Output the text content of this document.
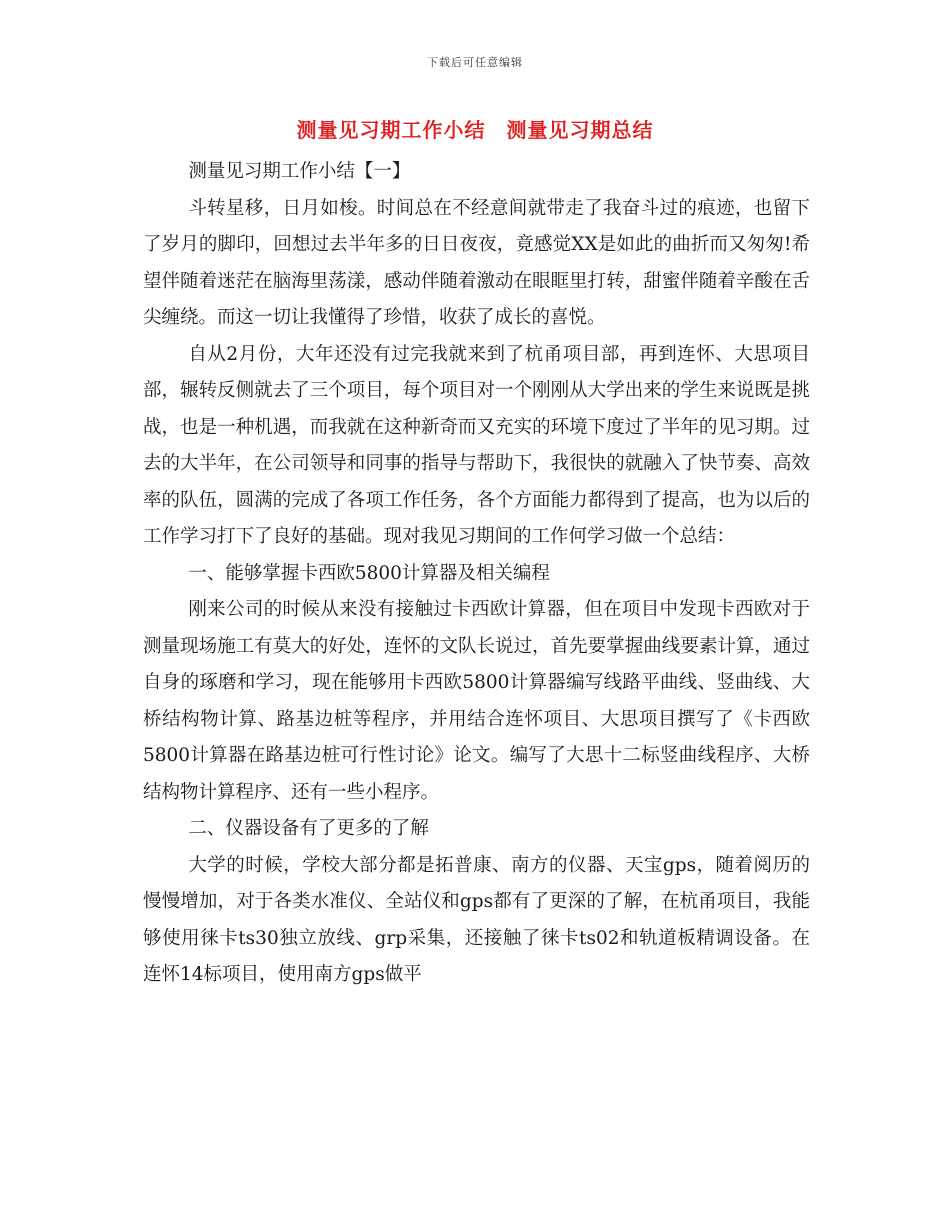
下载后可任意编辑
测量见习期工作小结　测量见习期总结

测量见习期工作小结【一】

斗转星移，日月如梭。时间总在不经意间就带走了我奋斗过的痕迹，也留下了岁月的脚印，回想过去半年多的日日夜夜，竟感觉XX是如此的曲折而又匆匆!希望伴随着迷茫在脑海里荡漾，感动伴随着激动在眼眶里打转，甜蜜伴随着辛酸在舌尖缠绕。而这一切让我懂得了珍惜，收获了成长的喜悦。

自从2月份，大年还没有过完我就来到了杭甬项目部，再到连怀、大思项目部，辗转反侧就去了三个项目，每个项目对一个刚刚从大学出来的学生来说既是挑战，也是一种机遇，而我就在这种新奇而又充实的环境下度过了半年的见习期。过去的大半年，在公司领导和同事的指导与帮助下，我很快的就融入了快节奏、高效率的队伍，圆满的完成了各项工作任务，各个方面能力都得到了提高，也为以后的工作学习打下了良好的基础。现对我见习期间的工作何学习做一个总结：

一、能够掌握卡西欧5800计算器及相关编程

刚来公司的时候从来没有接触过卡西欧计算器，但在项目中发现卡西欧对于测量现场施工有莫大的好处，连怀的文队长说过，首先要掌握曲线要素计算，通过自身的琢磨和学习，现在能够用卡西欧5800计算器编写线路平曲线、竖曲线、大桥结构物计算、路基边桩等程序，并用结合连怀项目、大思项目撰写了《卡西欧5800计算器在路基边桩可行性讨论》论文。编写了大思十二标竖曲线程序、大桥结构物计算程序、还有一些小程序。

二、仪器设备有了更多的了解

大学的时候，学校大部分都是拓普康、南方的仪器、天宝gps，随着阅历的慢慢增加，对于各类水准仪、全站仪和gps都有了更深的了解，在杭甬项目，我能够使用徕卡ts30独立放线、grp采集，还接触了徕卡ts02和轨道板精调设备。在连怀14标项目，使用南方gps做平
